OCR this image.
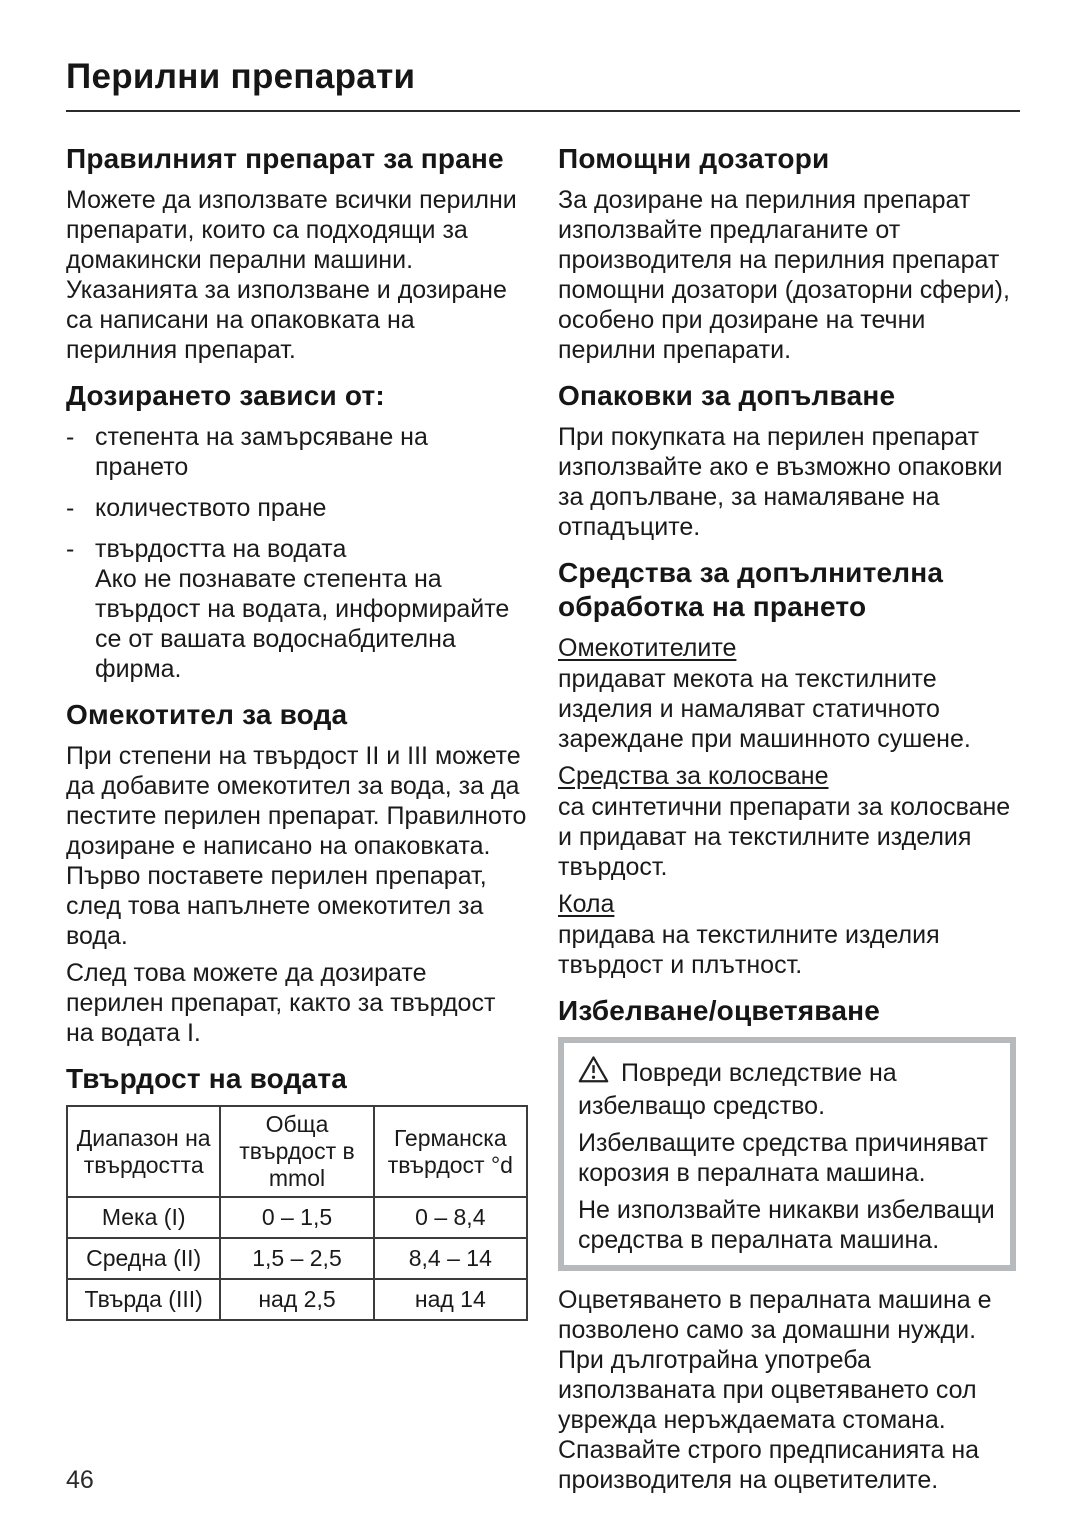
Перилни препарати
Правилният препарат за пране

Можете да използвате всички перилни препарати, които са подходящи за домакински перални машини. Указанията за използване и дозиране са написани на опаковката на перилния препарат.

Дозирането зависи от:
- степента на замърсяване на прането
- количеството пране
- твърдостта на водата
Ако не познавате степента на твърдост на водата, информирайте се от вашата водоснабдителна фирма.
Омекотител за вода

При степени на твърдост II и III можете да добавите омекотител за вода, за да пестите перилен препарат. Правилното дозиране е написано на опаковката. Първо поставете перилен препарат, след това напълнете омекотител за вода.

След това можете да дозирате перилен препарат, както за твърдост на водата I.

Твърдост на водата
Диапазон на твърдостта	Обща твърдост в mmol	Германска твърдост °d
Мека (I)	0 – 1,5	0 – 8,4
Средна (II)	1,5 – 2,5	8,4 – 14
Твърда (III)	над 2,5	над 14
Помощни дозатори

За дозиране на перилния препарат използвайте предлаганите от производителя на перилния препарат помощни дозатори (дозаторни сфери), особено при дозиране на течни перилни препарати.

Опаковки за допълване

При покупката на перилен препарат използвайте ако е възможно опаковки за допълване, за намаляване на отпадъците.

Средства за допълнителна обработка на прането

Омекотителите

придават мекота на текстилните изделия и намаляват статичното зареждане при машинното сушене.

Средства за колосване

са синтетични препарати за колосване и придават на текстилните изделия твърдост.

Кола

придава на текстилните изделия твърдост и плътност.

Избелване/оцветяване

Повреди вследствие на избелващо средство.

Избелващите средства причиняват корозия в пералната машина.

Не използвайте никакви избелващи средства в пералната машина.

Оцветяването в пералната машина е позволено само за домашни нужди. При дълготрайна употреба използваната при оцветяването сол уврежда неръждаемата стомана. Спазвайте строго предписанията на производителя на оцветителите.

46
